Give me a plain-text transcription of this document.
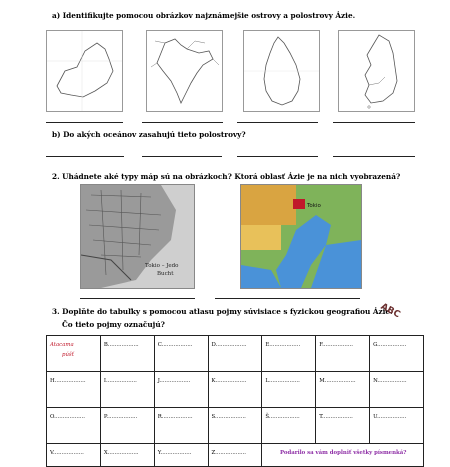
a) Identifikujte pomocou obrázkov najznámejšie ostrovy a polostrovy Ázie.
b) Do akých oceánov zasahujú tieto polostrovy?
2. Uhádnete aké typy máp sú na obrázkoch? Ktorá oblasť Ázie je na nich vyobrazená?
Tokio – Jedo
Bucht
Tokio
3. Doplňte do tabuľky s pomocou atlasu pojmy súvisiace s fyzickou geografiou Ázie.
Čo tieto pojmy označujú?
ABC
Atacama
púšť	B..................	C..................	D..................	E..................	F..................	G.................
H..................	I..................	J..................	K..................	L..................	M..................	N.................
O..................	P..................	R..................	S..................	Š..................	T..................	U.................
V..................	X..................	Y..................	Z..................	Podarilo sa vám doplniť všetky písmenká?		
